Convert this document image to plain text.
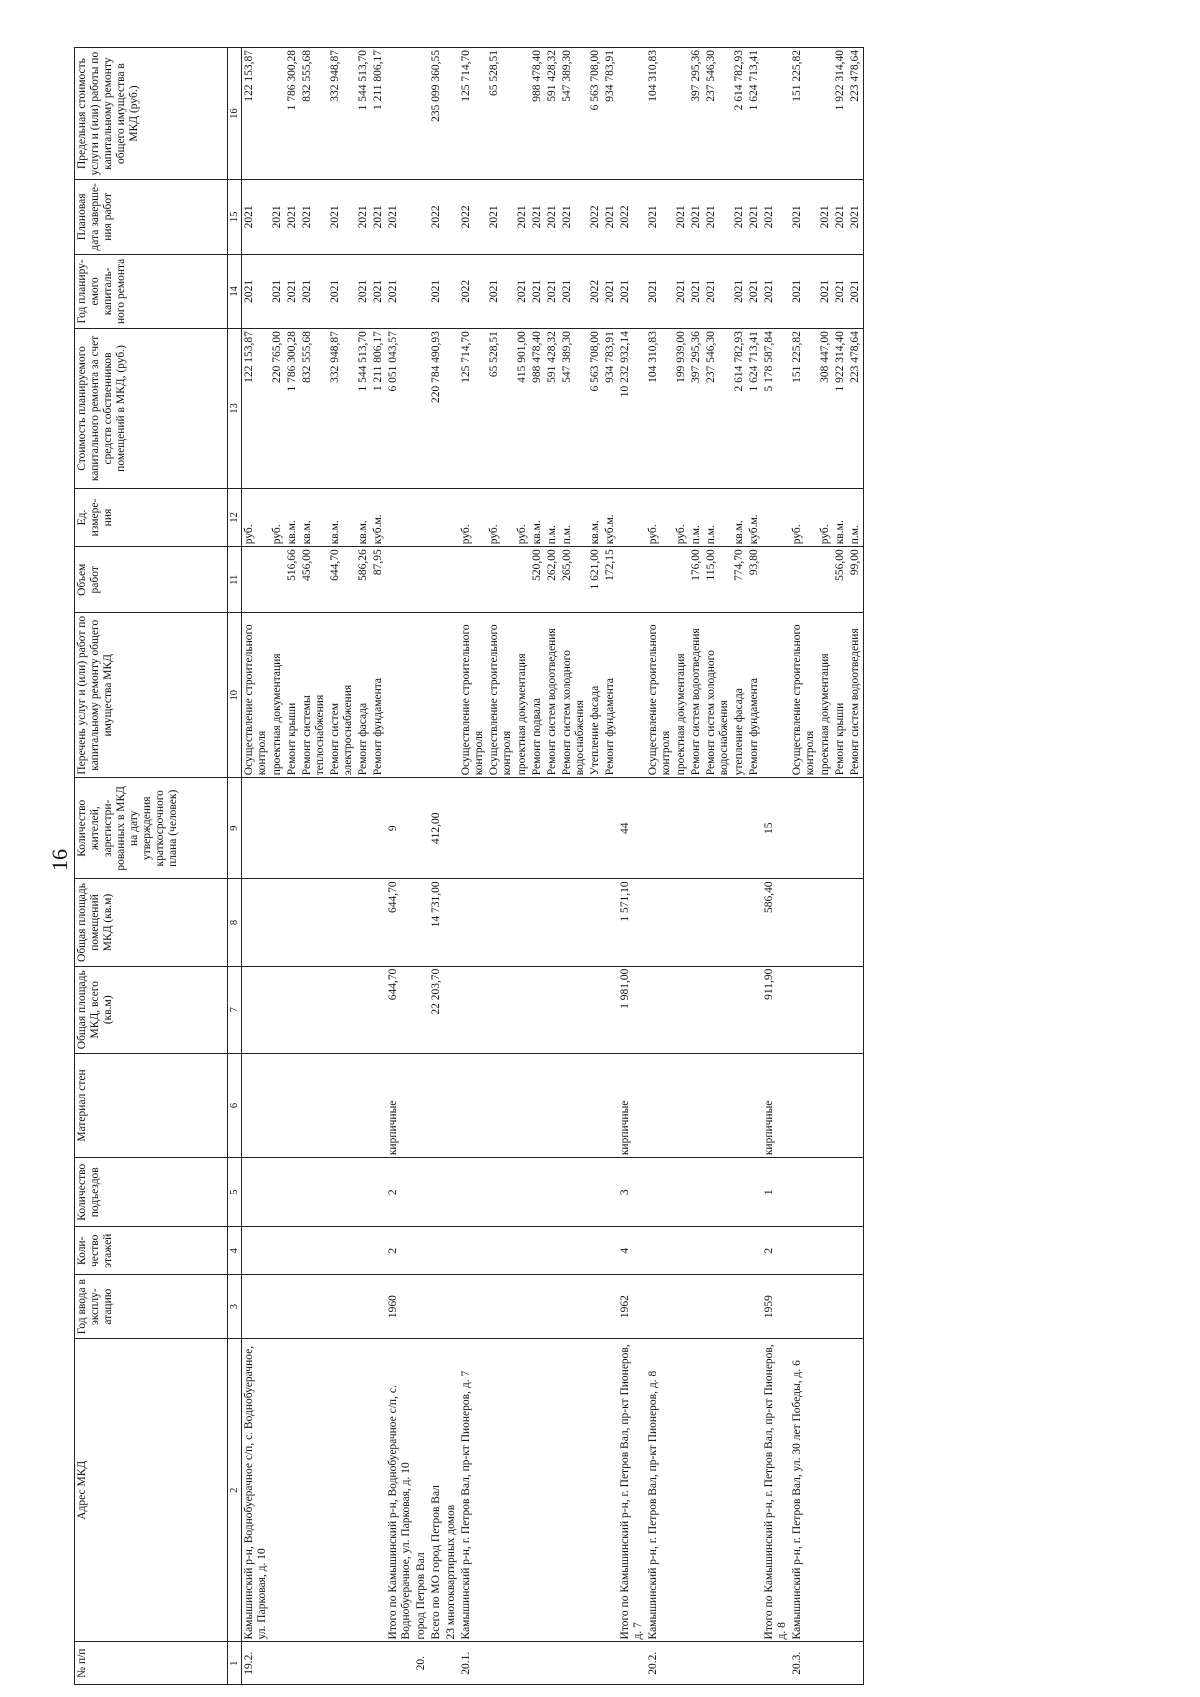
16
№ п/п	Адрес МКД	Год ввода в эксплу-атацию	Коли-чество этажей	Количество подъездов	Материал стен	Общая площадь МКД, всего (кв.м)	Общая площадь помещений МКД (кв.м)	Количество жителей, зарегистри-рованных в МКД на дату утверждения краткосрочного плана (человек)	Перечень услуг и (или) работ по капитальному ремонту общего имущества МКД	Объем работ	Ед. измере-ния	Стоимость планируемого капитального ремонта за счет средств собственников помещений в МКД, (руб.)	Год планиру-емого капиталь-ного ремонта	Плановая дата заверше-ния работ	Предельная стоимость услуги и (или) работы по капитальному ремонту общего имущества в МКД (руб.)
1	2	3	4	5	6	7	8	9	10	11	12	13	14	15	16
19.2.	Камышинский р-н, Воднобуерачное с/п, с. Воднобуерачное, ул. Парковая, д. 10								Осуществление строительного контроля		руб.	122 153,87	2021	2021	122 153,87
									проектная документация		руб.	220 765,00	2021	2021	
									Ремонт крыши	516,66	кв.м.	1 786 300,28	2021	2021	1 786 300,28
									Ремонт системы теплоснабжения	456,00	кв.м.	832 555,68	2021	2021	832 555,68
									Ремонт систем электроснабжения	644,70	кв.м.	332 948,87	2021	2021	332 948,87
									Ремонт фасада	586,26	кв.м.	1 544 513,70	2021	2021	1 544 513,70
									Ремонт фундамента	87,95	куб.м.	1 211 806,17	2021	2021	1 211 806,17
	Итого по Камышинский р-н, Воднобуерачное с/п, с. Воднобуерачное, ул. Парковая, д. 10	1960	2	2	кирпичные	644,70	644,70	9				6 051 043,57	2021	2021	
20.	город Петров Вал														
	Всего по МО город Петров Вал					22 203,70	14 731,00	412,00				220 784 490,93	2021	2022	235 099 360,55
	23 многоквартирных домов														
20.1.	Камышинский р-н, г. Петров Вал, пр-кт Пионеров, д. 7								Осуществление строительного контроля		руб.	125 714,70	2022	2022	125 714,70
									Осуществление строительного контроля		руб.	65 528,51	2021	2021	65 528,51
									проектная документация		руб.	415 901,00	2021	2021	
									Ремонт подвала	520,00	кв.м.	988 478,40	2021	2021	988 478,40
									Ремонт систем водоотведения	262,00	п.м.	591 428,32	2021	2021	591 428,32
									Ремонт систем холодного водоснабжения	265,00	п.м.	547 389,30	2021	2021	547 389,30
									Утепление фасада	1 621,00	кв.м.	6 563 708,00	2022	2022	6 563 708,00
									Ремонт фундамента	172,15	куб.м.	934 783,91	2021	2021	934 783,91
	Итого по Камышинский р-н, г. Петров Вал, пр-кт Пионеров, д. 7	1962	4	3	кирпичные	1 981,00	1 571,10	44				10 232 932,14	2021	2022	
20.2.	Камышинский р-н, г. Петров Вал, пр-кт Пионеров, д. 8								Осуществление строительного контроля		руб.	104 310,83	2021	2021	104 310,83
									проектная документация		руб.	199 939,00	2021	2021	
									Ремонт систем водоотведения	176,00	п.м.	397 295,36	2021	2021	397 295,36
									Ремонт систем холодного водоснабжения	115,00	п.м.	237 546,30	2021	2021	237 546,30
									утепление фасада	774,70	кв.м.	2 614 782,93	2021	2021	2 614 782,93
									Ремонт фундамента	93,80	куб.м.	1 624 713,41	2021	2021	1 624 713,41
	Итого по Камышинский р-н, г. Петров Вал, пр-кт Пионеров, д. 8	1959	2	1	кирпичные	911,90	586,40	15				5 178 587,84	2021	2021	
20.3.	Камышинский р-н, г. Петров Вал, ул. 30 лет Победы, д. 6								Осуществление строительного контроля		руб.	151 225,82	2021	2021	151 225,82
									проектная документация		руб.	308 447,00	2021	2021	
									Ремонт крыши	556,00	кв.м.	1 922 314,40	2021	2021	1 922 314,40
									Ремонт систем водоотведения	99,00	п.м.	223 478,64	2021	2021	223 478,64
